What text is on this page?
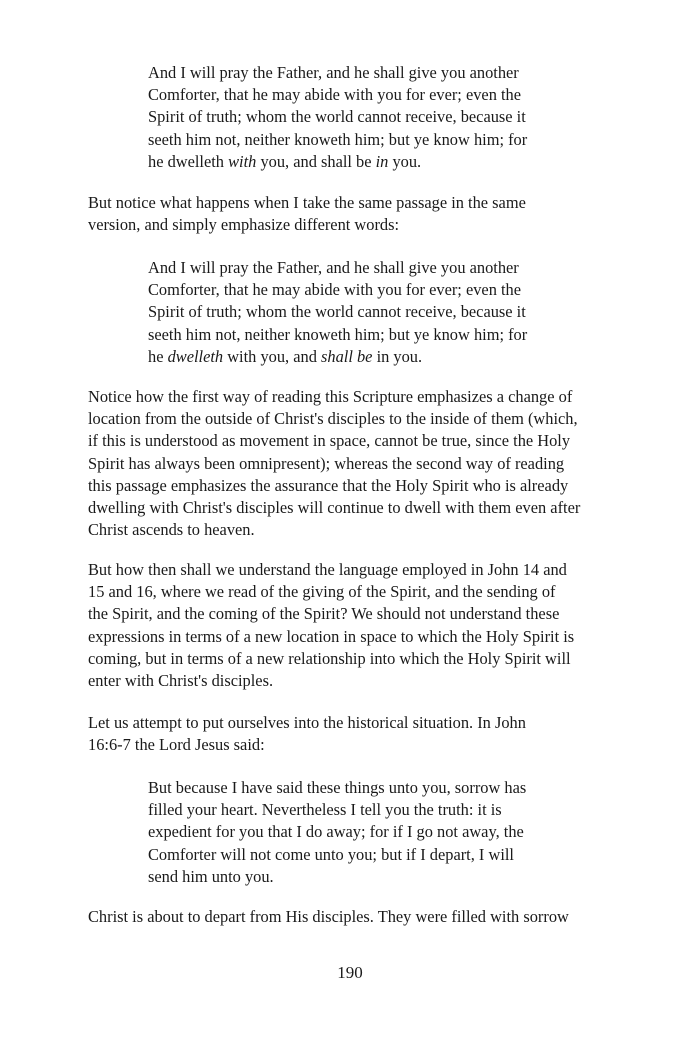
And I will pray the Father, and he shall give you another
Comforter, that he may abide with you for ever; even the
Spirit of truth; whom the world cannot receive, because it
seeth him not, neither knoweth him; but ye know him; for
he dwelleth with you, and shall be in you.
But notice what happens when I take the same passage in the same
version, and simply emphasize different words:
And I will pray the Father, and he shall give you another
Comforter, that he may abide with you for ever; even the
Spirit of truth; whom the world cannot receive, because it
seeth him not, neither knoweth him; but ye know him; for
he dwelleth with you, and shall be in you.
Notice how the first way of reading this Scripture emphasizes a change of
location from the outside of Christ's disciples to the inside of them (which,
if this is understood as movement in space, cannot be true, since the Holy
Spirit has always been omnipresent); whereas the second way of reading
this passage emphasizes the assurance that the Holy Spirit who is already
dwelling with Christ's disciples will continue to dwell with them even after
Christ ascends to heaven.
But how then shall we understand the language employed in John 14 and
15 and 16, where we read of the giving of the Spirit, and the sending of
the Spirit, and the coming of the Spirit? We should not understand these
expressions in terms of a new location in space to which the Holy Spirit is
coming, but in terms of a new relationship into which the Holy Spirit will
enter with Christ's disciples.
Let us attempt to put ourselves into the historical situation. In John
16:6-7 the Lord Jesus said:
But because I have said these things unto you, sorrow has
filled your heart. Nevertheless I tell you the truth: it is
expedient for you that I do away; for if I go not away, the
Comforter will not come unto you; but if I depart, I will
send him unto you.
Christ is about to depart from His disciples. They were filled with sorrow
190
